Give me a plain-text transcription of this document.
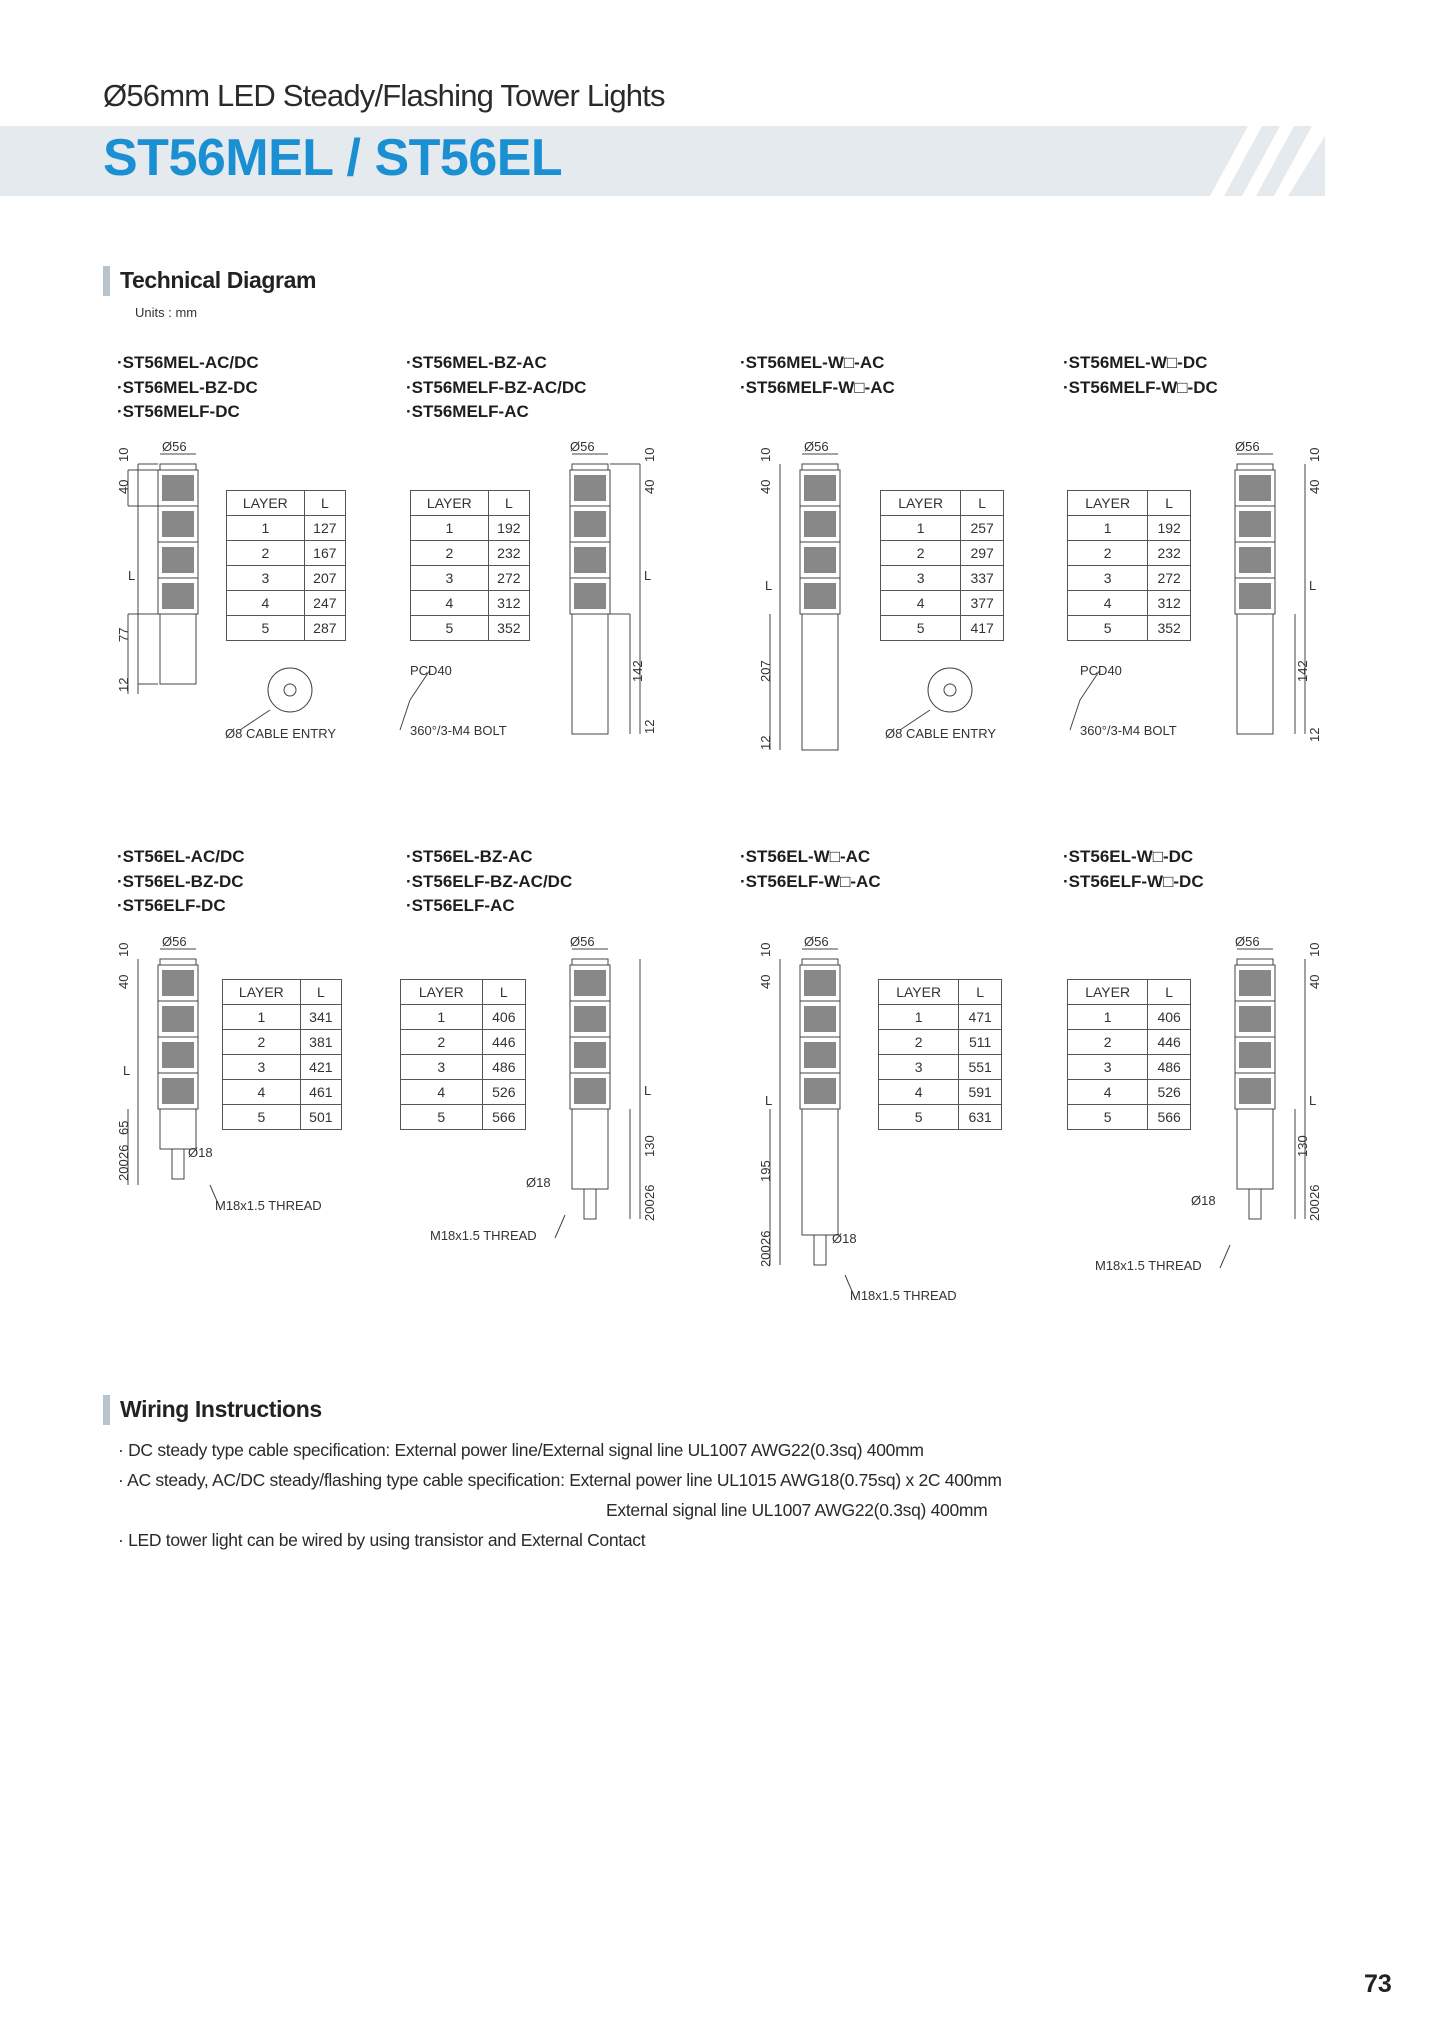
Ø56mm LED Steady/Flashing Tower Lights
ST56MEL / ST56EL
Technical Diagram
Units : mm
·ST56MEL-AC/DC
·ST56MEL-BZ-DC
·ST56MELF-DC
·ST56MEL-BZ-AC
·ST56MELF-BZ-AC/DC
·ST56MELF-AC
·ST56MEL-W□-AC
·ST56MELF-W□-AC
·ST56MEL-W□-DC
·ST56MELF-W□-DC
·ST56EL-AC/DC
·ST56EL-BZ-DC
·ST56ELF-DC
·ST56EL-BZ-AC
·ST56ELF-BZ-AC/DC
·ST56ELF-AC
·ST56EL-W□-AC
·ST56ELF-W□-AC
·ST56EL-W□-DC
·ST56ELF-W□-DC
LAYER	L
1	127
2	167
3	207
4	247
5	287
LAYER	L
1	192
2	232
3	272
4	312
5	352
LAYER	L
1	257
2	297
3	337
4	377
5	417
LAYER	L
1	192
2	232
3	272
4	312
5	352
LAYER	L
1	341
2	381
3	421
4	461
5	501
LAYER	L
1	406
2	446
3	486
4	526
5	566
LAYER	L
1	471
2	511
3	551
4	591
5	631
LAYER	L
1	406
2	446
3	486
4	526
5	566
Ø56
10
40
L
77
12
Ø8 CABLE ENTRY
Ø56
10
40
L
142
12
PCD40
360°/3-M4 BOLT
Ø56
10
40
L
207
12
Ø8 CABLE ENTRY
Ø56
10
40
L
142
12
PCD40
360°/3-M4 BOLT
Ø56
10
40
L
65
26
200
Ø18
M18x1.5 THREAD
Ø56
L
130
26
200
Ø18
M18x1.5 THREAD
Ø56
10
40
L
195
26
200
Ø18
M18x1.5 THREAD
Ø56
10
40
L
130
26
200
Ø18
M18x1.5 THREAD
Wiring Instructions
· DC steady type cable specification: External power line/External signal line UL1007 AWG22(0.3sq) 400mm
· AC steady, AC/DC steady/flashing type cable specification: External power line UL1015 AWG18(0.75sq) x 2C 400mm
External signal line UL1007 AWG22(0.3sq) 400mm
· LED tower light can be wired by using transistor and External Contact
73
